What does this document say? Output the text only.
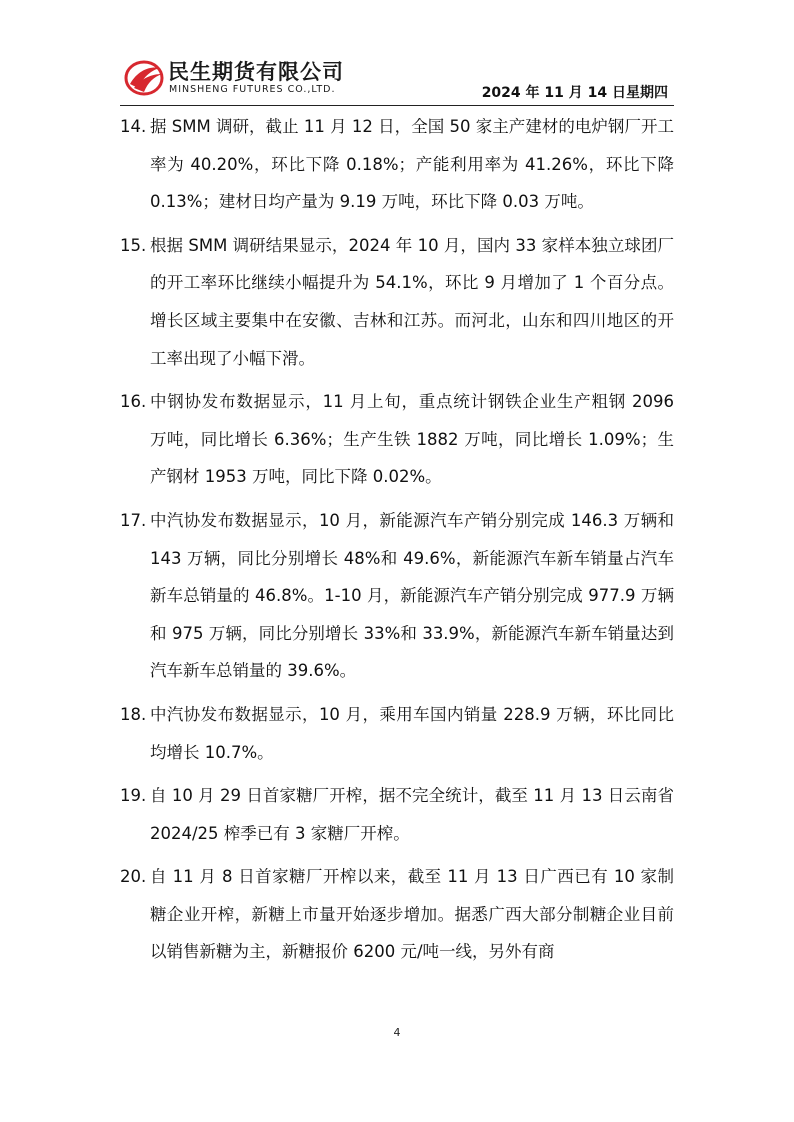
民生期货有限公司
MINSHENG FUTURES CO.,LTD.	2024 年 11 月 14 日星期四
14. 据 SMM 调研，截止 11 月 12 日，全国 50 家主产建材的电炉钢厂开工率为 40.20%，环比下降 0.18%；产能利用率为 41.26%，环比下降 0.13%；建材日均产量为 9.19 万吨，环比下降 0.03 万吨。
15. 根据 SMM 调研结果显示，2024 年 10 月，国内 33 家样本独立球团厂的开工率环比继续小幅提升为 54.1%，环比 9 月增加了 1 个百分点。增长区域主要集中在安徽、吉林和江苏。而河北，山东和四川地区的开工率出现了小幅下滑。
16. 中钢协发布数据显示，11 月上旬，重点统计钢铁企业生产粗钢 2096 万吨，同比增长 6.36%；生产生铁 1882 万吨，同比增长 1.09%；生产钢材 1953 万吨，同比下降 0.02%。
17. 中汽协发布数据显示，10 月，新能源汽车产销分别完成 146.3 万辆和 143 万辆，同比分别增长 48%和 49.6%，新能源汽车新车销量占汽车新车总销量的 46.8%。1-10 月，新能源汽车产销分别完成 977.9 万辆和 975 万辆，同比分别增长 33%和 33.9%，新能源汽车新车销量达到汽车新车总销量的 39.6%。
18. 中汽协发布数据显示，10 月，乘用车国内销量 228.9 万辆，环比同比均增长 10.7%。
19. 自 10 月 29 日首家糖厂开榨，据不完全统计，截至 11 月 13 日云南省 2024/25 榨季已有 3 家糖厂开榨。
20. 自 11 月 8 日首家糖厂开榨以来，截至 11 月 13 日广西已有 10 家制糖企业开榨，新糖上市量开始逐步增加。据悉广西大部分制糖企业目前以销售新糖为主，新糖报价 6200 元/吨一线，另外有商
4
